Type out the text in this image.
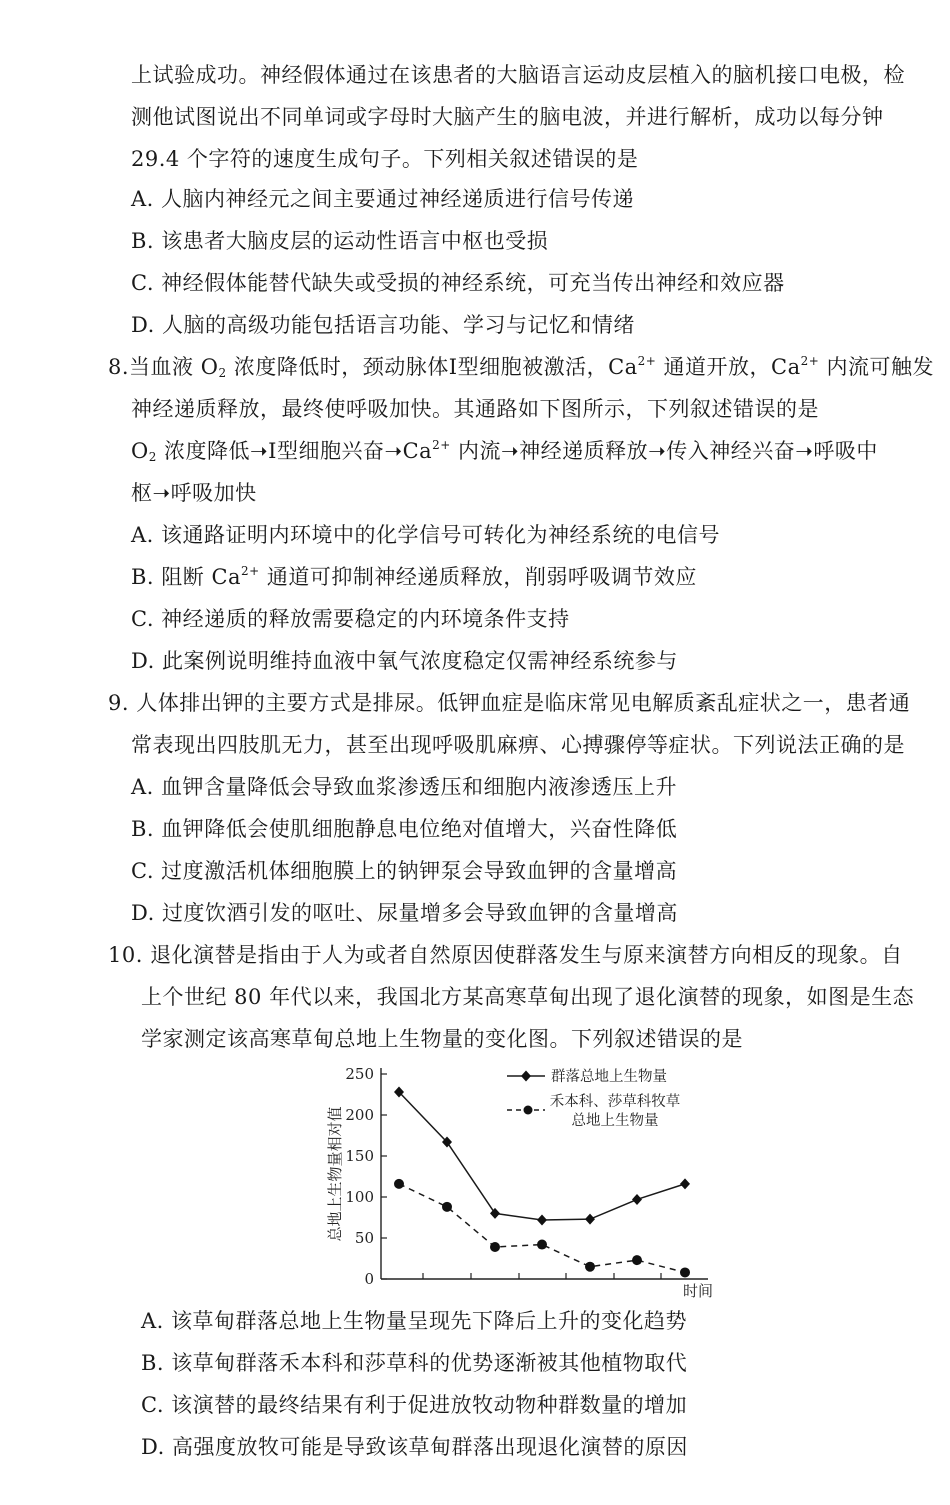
上试验成功。神经假体通过在该患者的大脑语言运动皮层植入的脑机接口电极，检
测他试图说出不同单词或字母时大脑产生的脑电波，并进行解析，成功以每分钟
29.4 个字符的速度生成句子。下列相关叙述错误的是
A. 人脑内神经元之间主要通过神经递质进行信号传递
B. 该患者大脑皮层的运动性语言中枢也受损
C. 神经假体能替代缺失或受损的神经系统，可充当传出神经和效应器
D. 人脑的高级功能包括语言功能、学习与记忆和情绪
8.当血液 $O_2$ 浓度降低时，颈动脉体Ⅰ型细胞被激活，$Ca^{2+}$ 通道开放，$Ca^{2+}$ 内流可触发
神经递质释放，最终使呼吸加快。其通路如下图所示，下列叙述错误的是
$O_2$ 浓度降低➝Ⅰ型细胞兴奋$➝Ca^{2+}$ 内流➝神经递质释放➝传入神经兴奋➝呼吸中
枢➝呼吸加快
A. 该通路证明内环境中的化学信号可转化为神经系统的电信号
B. 阻断 $Ca^{2+}$ 通道可抑制神经递质释放，削弱呼吸调节效应
C. 神经递质的释放需要稳定的内环境条件支持
D. 此案例说明维持血液中氧气浓度稳定仅需神经系统参与
9. 人体排出钾的主要方式是排尿。低钾血症是临床常见电解质紊乱症状之一，患者通
常表现出四肢肌无力，甚至出现呼吸肌麻痹、心搏骤停等症状。下列说法正确的是
A. 血钾含量降低会导致血浆渗透压和细胞内液渗透压上升
B. 血钾降低会使肌细胞静息电位绝对值增大，兴奋性降低
C. 过度激活机体细胞膜上的钠钾泵会导致血钾的含量增高
D. 过度饮酒引发的呕吐、尿量增多会导致血钾的含量增高
10. 退化演替是指由于人为或者自然原因使群落发生与原来演替方向相反的现象。自
上个世纪 80 年代以来，我国北方某高寒草甸出现了退化演替的现象，如图是生态
学家测定该高寒草甸总地上生物量的变化图。下列叙述错误的是
0
50
100
150
200
250
总地上生物量相对值
时间
群落总地上生物量
禾本科、莎草科牧草
总地上生物量
A. 该草甸群落总地上生物量呈现先下降后上升的变化趋势
B. 该草甸群落禾本科和莎草科的优势逐渐被其他植物取代
C. 该演替的最终结果有利于促进放牧动物种群数量的增加
D. 高强度放牧可能是导致该草甸群落出现退化演替的原因
